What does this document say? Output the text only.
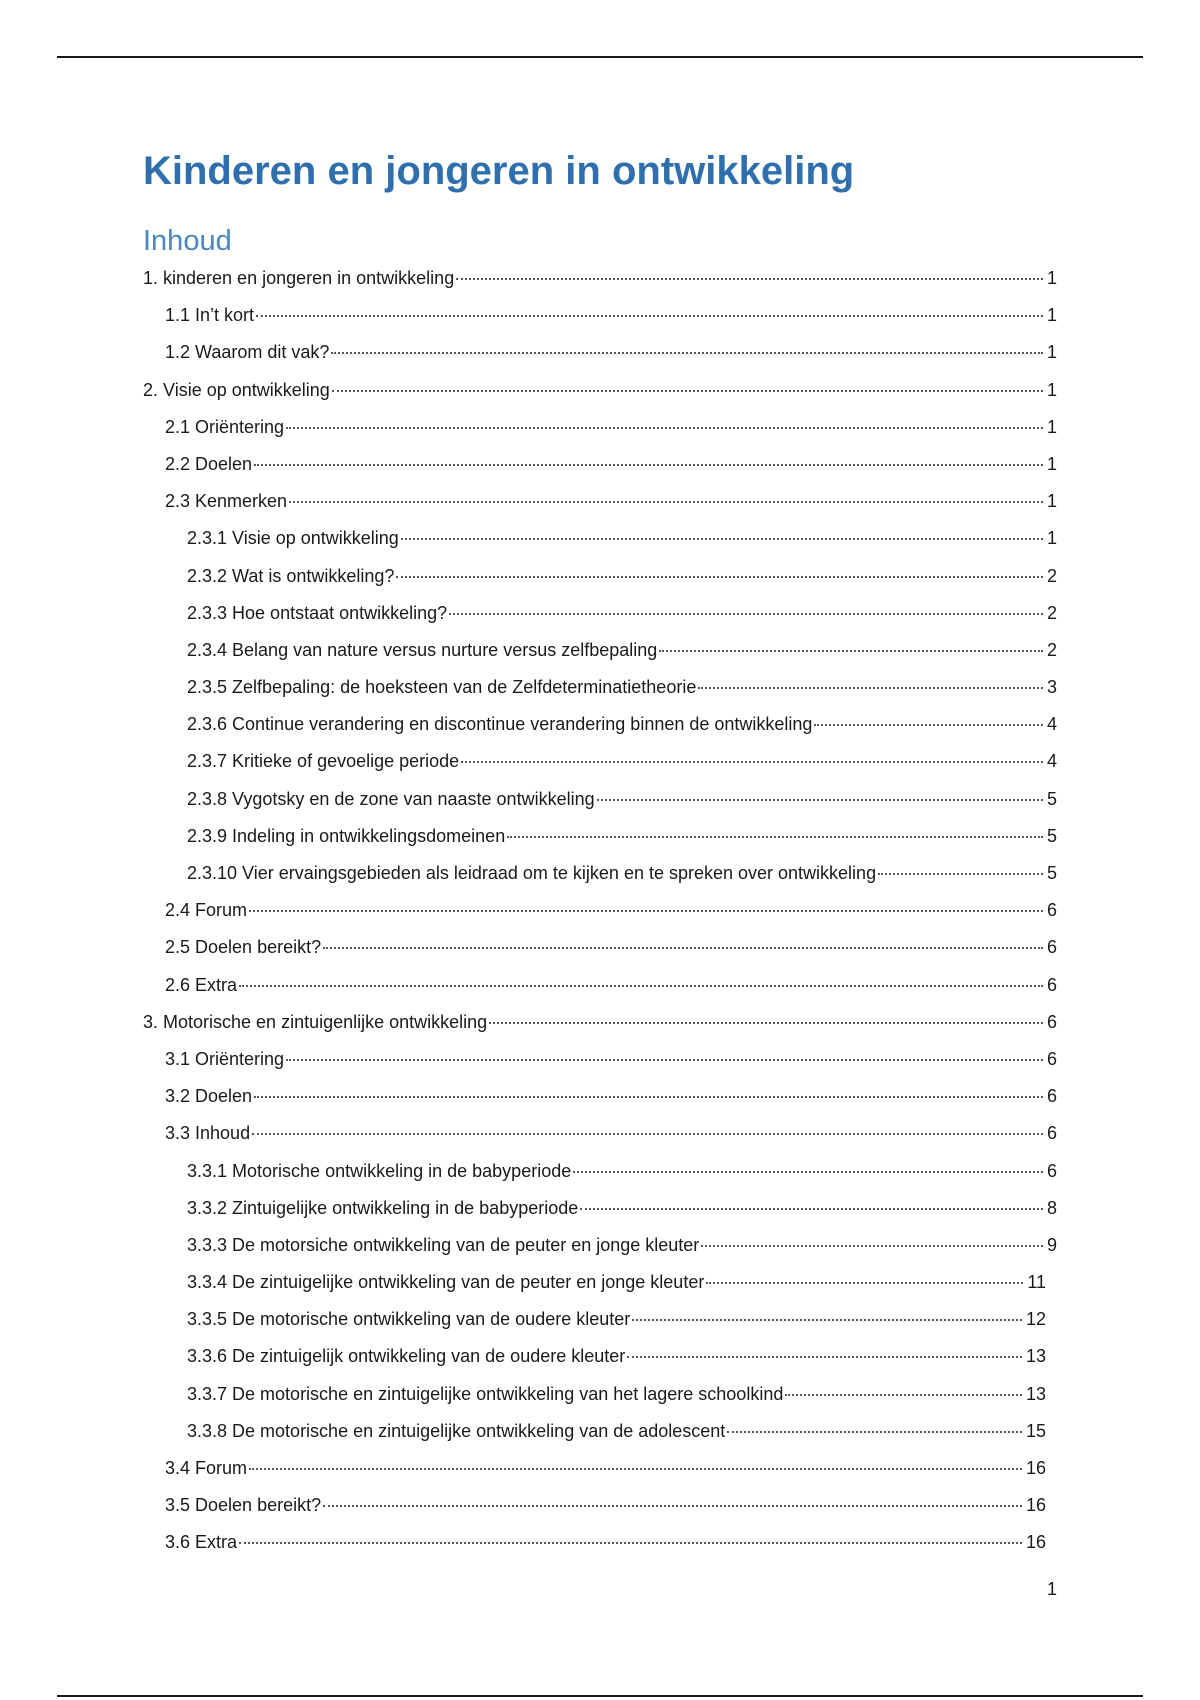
Kinderen en jongeren in ontwikkeling
Inhoud
1. kinderen en jongeren in ontwikkeling	1
1.1 In’t kort	1
1.2 Waarom dit vak?	1
2. Visie op ontwikkeling	1
2.1 Oriëntering	1
2.2 Doelen	1
2.3 Kenmerken	1
2.3.1 Visie op ontwikkeling	1
2.3.2 Wat is ontwikkeling?	2
2.3.3 Hoe ontstaat ontwikkeling?	2
2.3.4 Belang van nature versus nurture versus zelfbepaling	2
2.3.5 Zelfbepaling: de hoeksteen van de Zelfdeterminatietheorie	3
2.3.6 Continue verandering en discontinue verandering binnen de ontwikkeling	4
2.3.7 Kritieke of gevoelige periode	4
2.3.8 Vygotsky en de zone van naaste ontwikkeling	5
2.3.9 Indeling in ontwikkelingsdomeinen	5
2.3.10 Vier ervaingsgebieden als leidraad om te kijken en te spreken over ontwikkeling	5
2.4 Forum	6
2.5 Doelen bereikt?	6
2.6 Extra	6
3. Motorische en zintuigenlijke ontwikkeling	6
3.1 Oriëntering	6
3.2 Doelen	6
3.3 Inhoud	6
3.3.1 Motorische ontwikkeling in de babyperiode	6
3.3.2 Zintuigelijke ontwikkeling in de babyperiode	8
3.3.3 De motorsiche ontwikkeling van de peuter en jonge kleuter	9
3.3.4 De zintuigelijke ontwikkeling van de peuter en jonge kleuter	11
3.3.5 De motorische ontwikkeling van de oudere kleuter	12
3.3.6 De zintuigelijk ontwikkeling van de oudere kleuter	13
3.3.7 De motorische en zintuigelijke ontwikkeling van het lagere schoolkind	13
3.3.8 De motorische en zintuigelijke ontwikkeling van de adolescent	15
3.4 Forum	16
3.5 Doelen bereikt?	16
3.6 Extra	16
1
